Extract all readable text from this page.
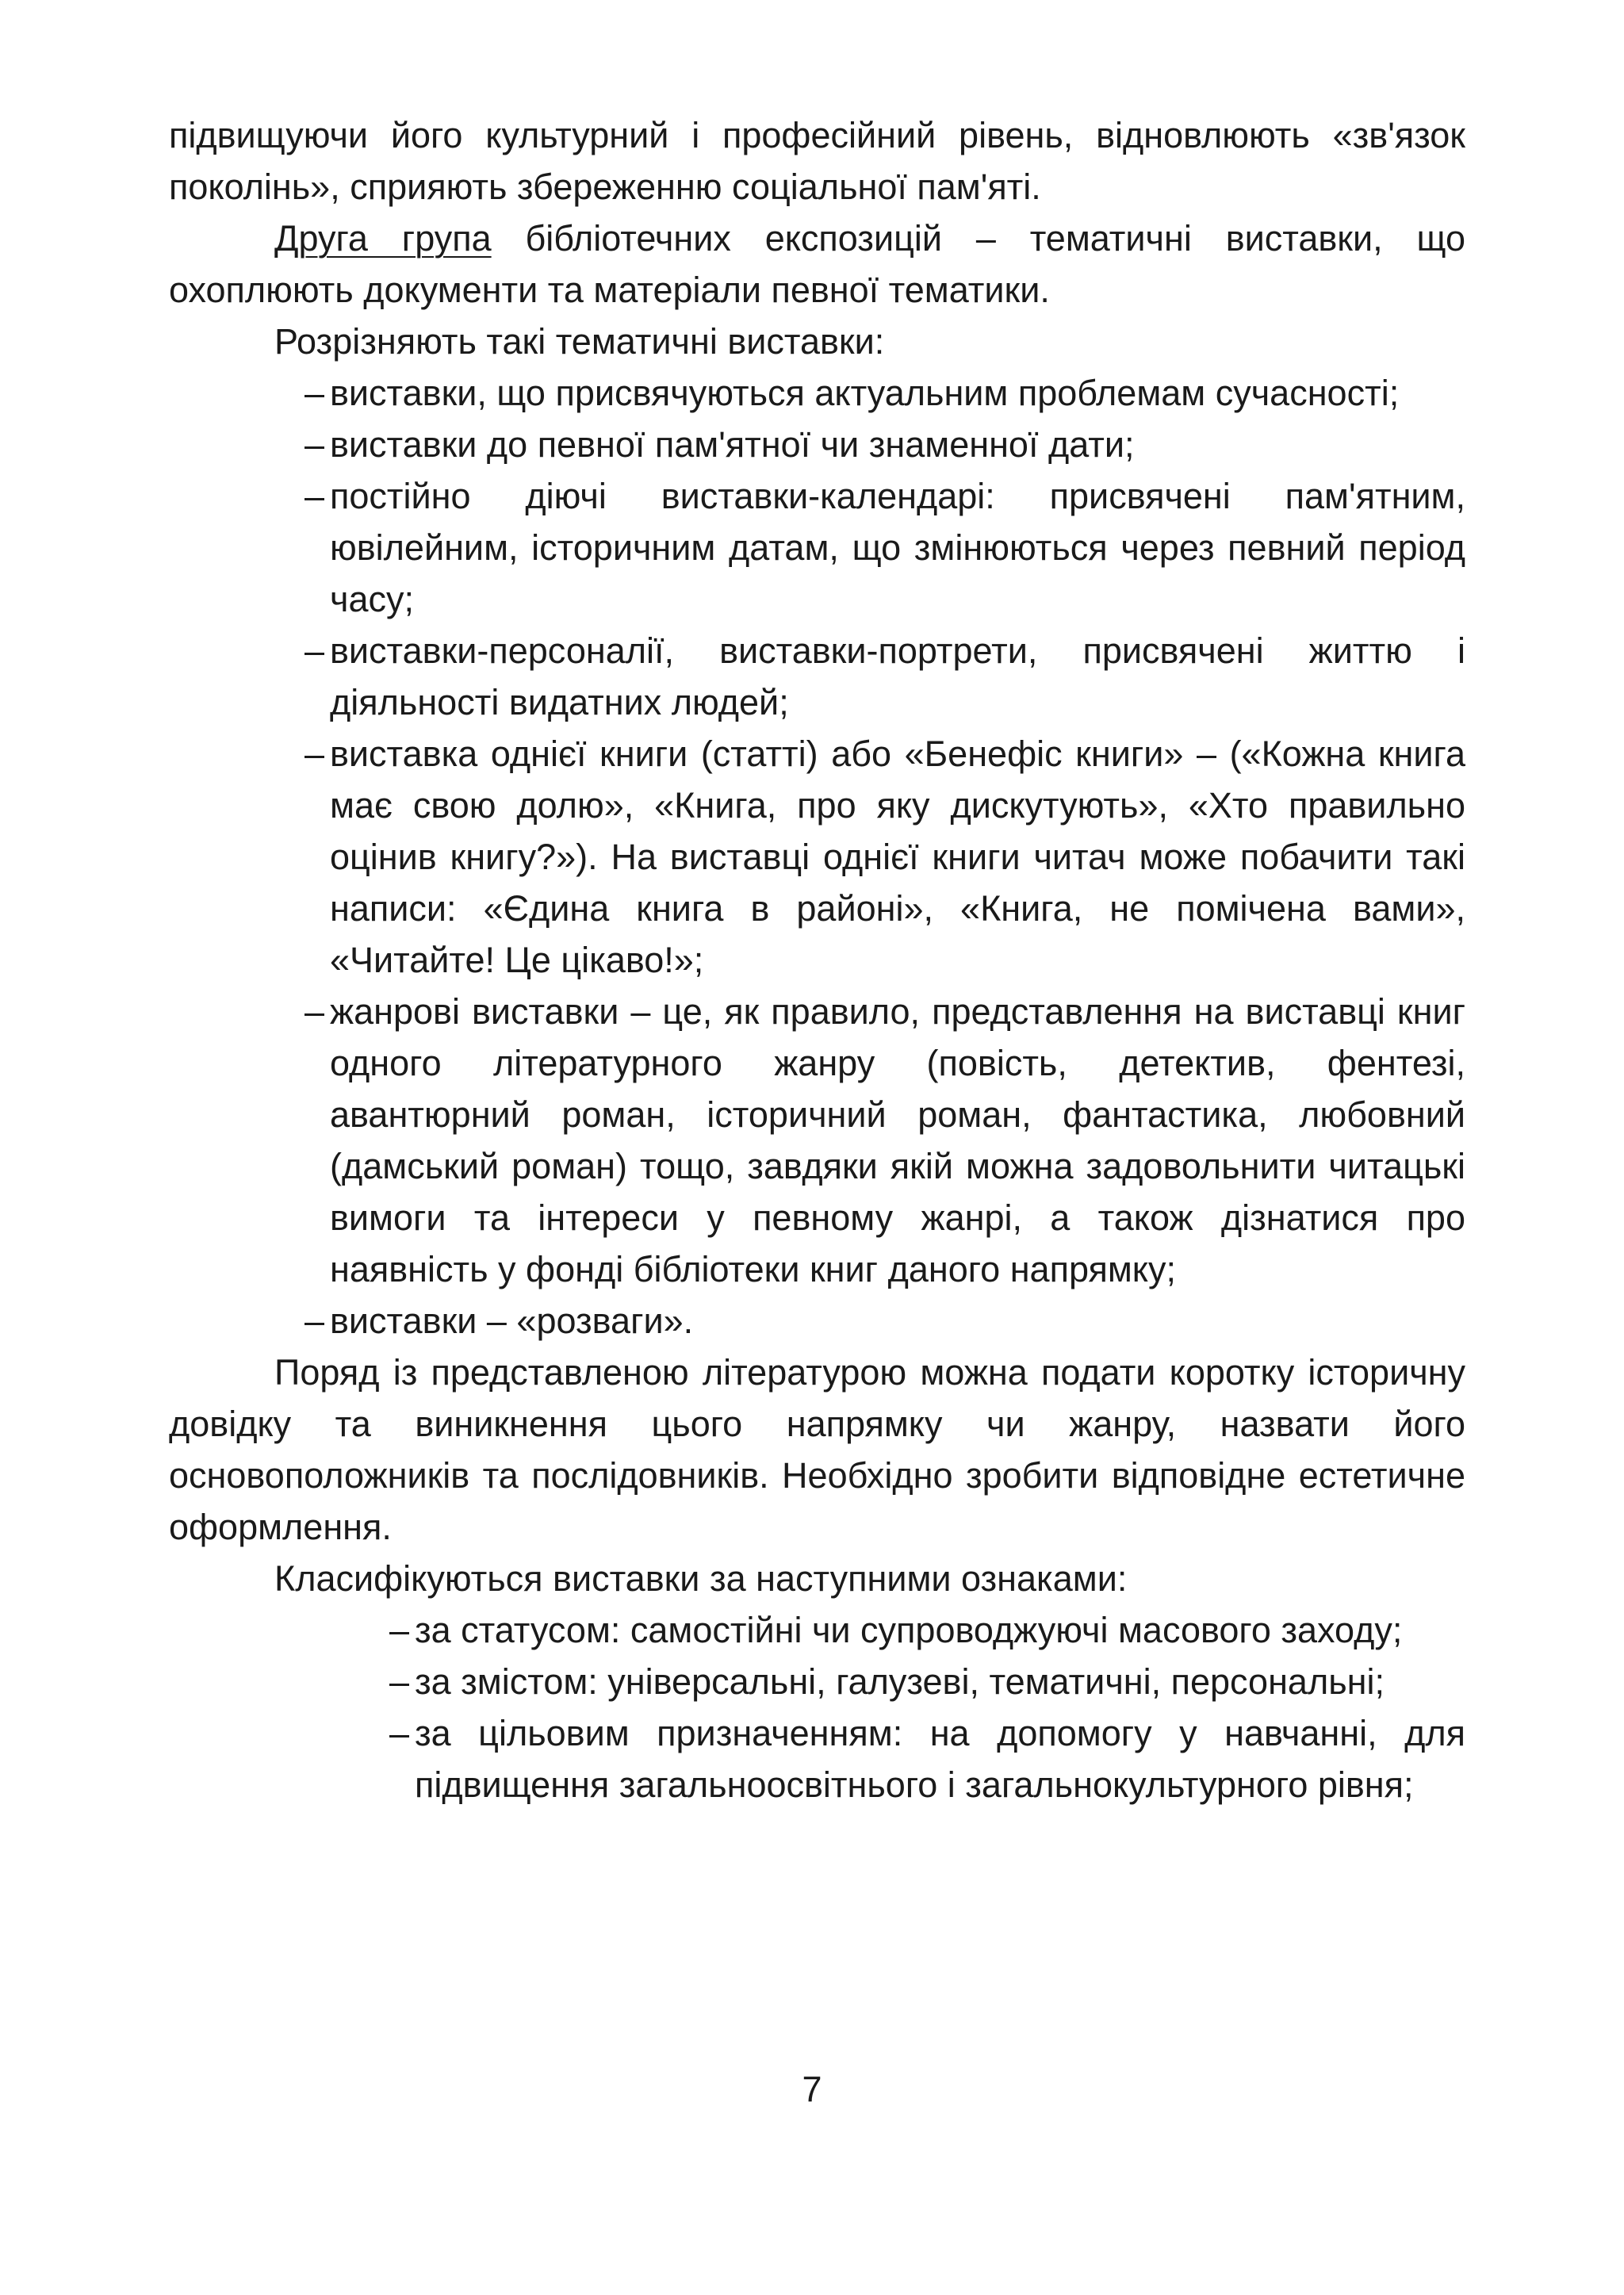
підвищуючи його культурний і професійний рівень, відновлюють «зв'язок поколінь», сприяють збереженню соціальної пам'яті.

Друга група бібліотечних експозицій – тематичні виставки, що охоплюють документи та матеріали певної тематики.

Розрізняють такі тематичні виставки:

– виставки, що присвячуються актуальним проблемам сучасності;
– виставки до певної пам'ятної чи знаменної дати;
– постійно діючі виставки-календарі: присвячені пам'ятним, ювілейним, історичним датам, що змінюються через певний період часу;
– виставки-персоналії, виставки-портрети, присвячені життю і діяльності видатних людей;
– виставка однієї книги (статті) або «Бенефіс книги» – («Кожна книга має свою долю», «Книга, про яку дискутують», «Хто правильно оцінив книгу?»). На виставці однієї книги читач може побачити такі написи: «Єдина книга в районі», «Книга, не помічена вами», «Читайте! Це цікаво!»;
– жанрові виставки – це, як правило, представлення на виставці книг одного літературного жанру (повість, детектив, фентезі, авантюрний роман, історичний роман, фантастика, любовний (дамський роман) тощо, завдяки якій можна задовольнити читацькі вимоги та інтереси у певному жанрі, а також дізнатися про наявність у фонді бібліотеки книг даного напрямку;
– виставки – «розваги».

Поряд із представленою літературою можна подати коротку історичну довідку та виникнення цього напрямку чи жанру, назвати його основоположників та послідовників. Необхідно зробити відповідне естетичне оформлення.

Класифікуються виставки за наступними ознаками:

– за статусом: самостійні чи супроводжуючі масового заходу;
– за змістом: універсальні, галузеві, тематичні, персональні;
– за цільовим призначенням: на допомогу у навчанні, для підвищення загальноосвітнього і загальнокультурного рівня;
7
